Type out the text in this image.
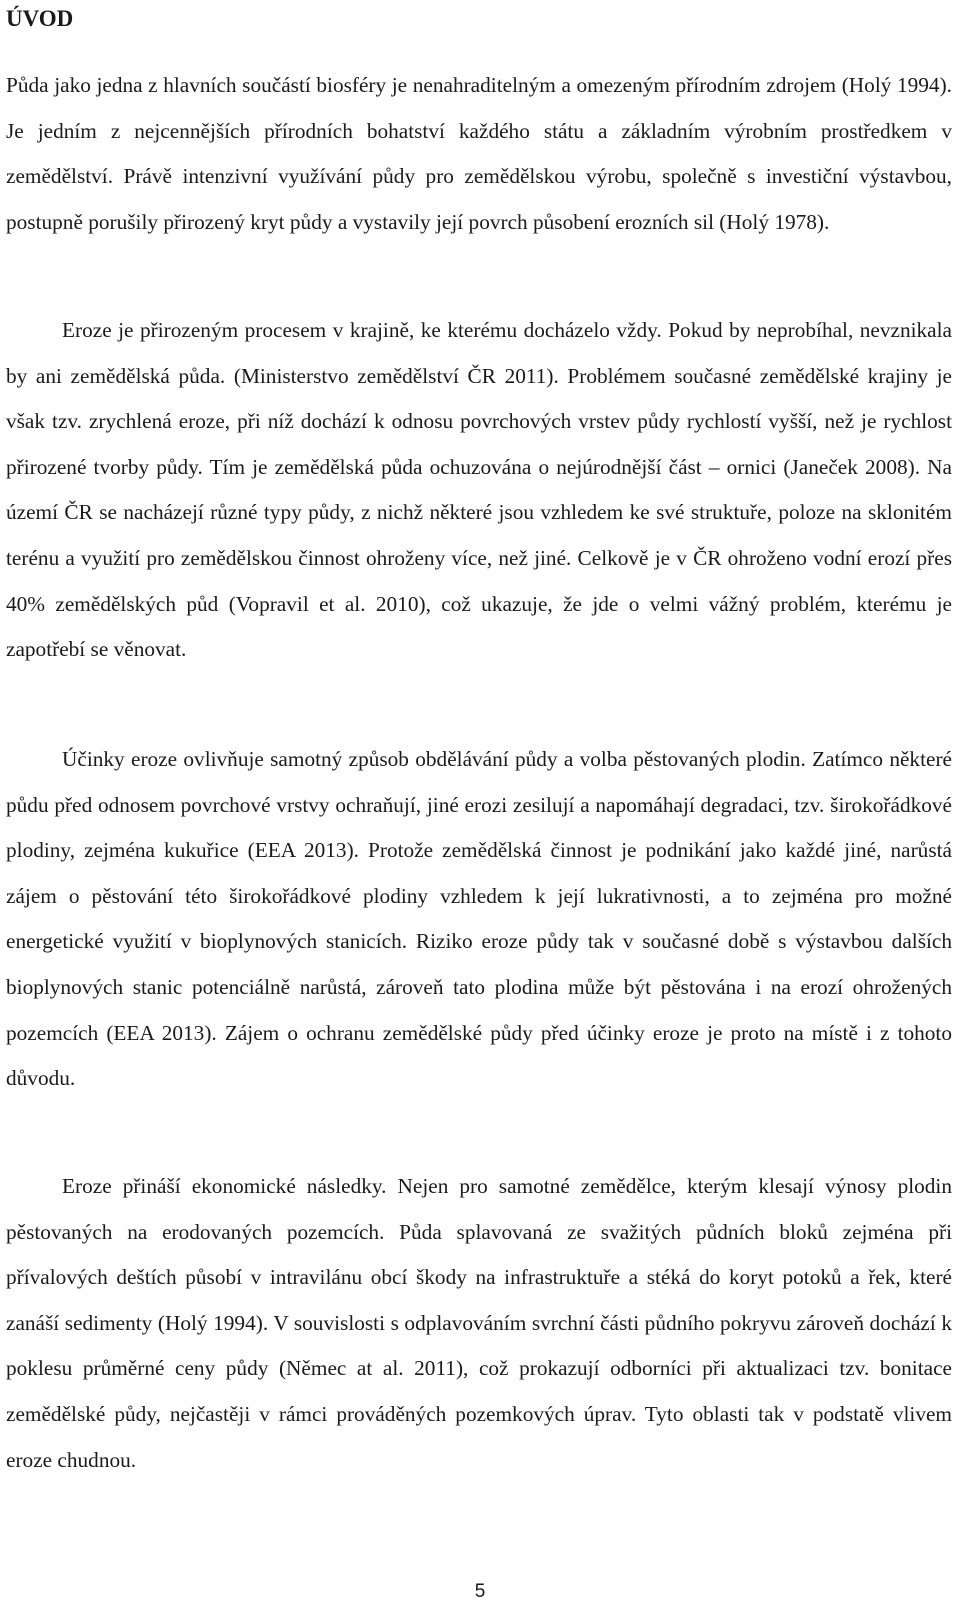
ÚVOD

Půda jako jedna z hlavních součástí biosféry je nenahraditelným a omezeným přírodním zdrojem (Holý 1994). Je jedním z nejcennějších přírodních bohatství každého státu a základním výrobním prostředkem v zemědělství. Právě intenzivní využívání půdy pro zemědělskou výrobu, společně s investiční výstavbou, postupně porušily přirozený kryt půdy a vystavily její povrch působení erozních sil (Holý 1978).

Eroze je přirozeným procesem v krajině, ke kterému docházelo vždy. Pokud by neprobíhal, nevznikala by ani zemědělská půda. (Ministerstvo zemědělství ČR 2011). Problémem současné zemědělské krajiny je však tzv. zrychlená eroze, při níž dochází k odnosu povrchových vrstev půdy rychlostí vyšší, než je rychlost přirozené tvorby půdy. Tím je zemědělská půda ochuzována o nejúrodnější část – ornici (Janeček 2008). Na území ČR se nacházejí různé typy půdy, z nichž některé jsou vzhledem ke své struktuře, poloze na sklonitém terénu a využití pro zemědělskou činnost ohroženy více, než jiné. Celkově je v ČR ohroženo vodní erozí přes 40% zemědělských půd (Vopravil et al. 2010), což ukazuje, že jde o velmi vážný problém, kterému je zapotřebí se věnovat.

Účinky eroze ovlivňuje samotný způsob obdělávání půdy a volba pěstovaných plodin. Zatímco některé půdu před odnosem povrchové vrstvy ochraňují, jiné erozi zesilují a napomáhají degradaci, tzv. širokořádkové plodiny, zejména kukuřice (EEA 2013). Protože zemědělská činnost je podnikání jako každé jiné, narůstá zájem o pěstování této širokořádkové plodiny vzhledem k její lukrativnosti, a to zejména pro možné energetické využití v bioplynových stanicích. Riziko eroze půdy tak v současné době s výstavbou dalších bioplynových stanic potenciálně narůstá, zároveň tato plodina může být pěstována i na erozí ohrožených pozemcích (EEA 2013). Zájem o ochranu zemědělské půdy před účinky eroze je proto na místě i z tohoto důvodu.

Eroze přináší ekonomické následky. Nejen pro samotné zemědělce, kterým klesají výnosy plodin pěstovaných na erodovaných pozemcích. Půda splavovaná ze svažitých půdních bloků zejména při přívalových deštích působí v intravilánu obcí škody na infrastruktuře a stéká do koryt potoků a řek, které zanáší sedimenty (Holý 1994). V souvislosti s odplavováním svrchní části půdního pokryvu zároveň dochází k poklesu průměrné ceny půdy (Němec at al. 2011), což prokazují odborníci při aktualizaci tzv. bonitace zemědělské půdy, nejčastěji v rámci prováděných pozemkových úprav. Tyto oblasti tak v podstatě vlivem eroze chudnou.

5
